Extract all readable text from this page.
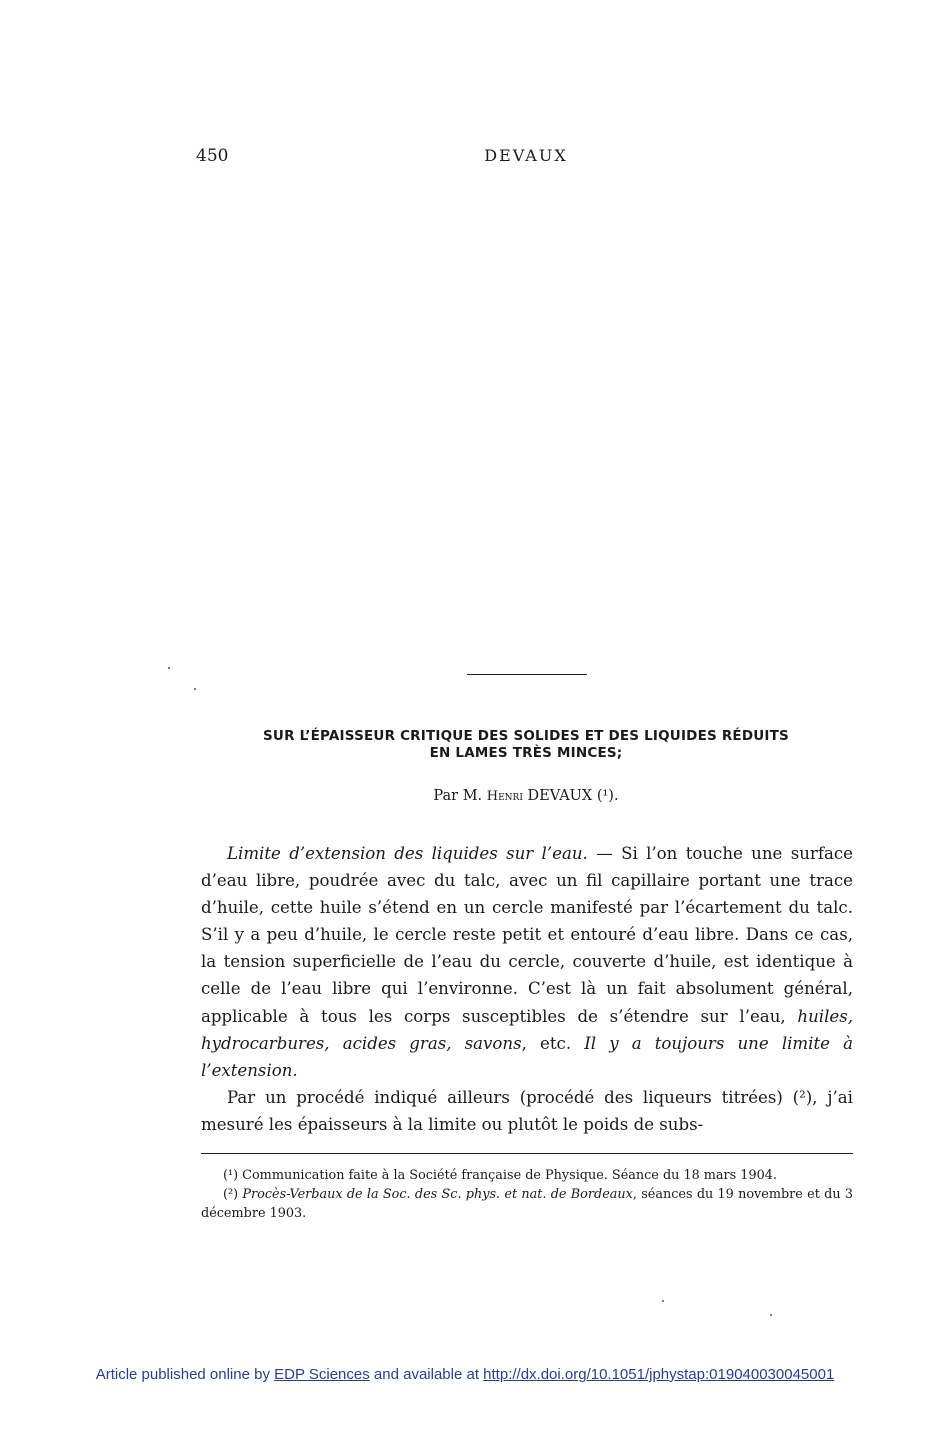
450	DEVAUX
SUR L’ÉPAISSEUR CRITIQUE DES SOLIDES ET DES LIQUIDES RÉDUITS
EN LAMES TRÈS MINCES;
Par M. Henri DEVAUX (¹).

Limite d’extension des liquides sur l’eau. — Si l’on touche une surface d’eau libre, poudrée avec du talc, avec un fil capillaire portant une trace d’huile, cette huile s’étend en un cercle manifesté par l’écartement du talc. S’il y a peu d’huile, le cercle reste petit et entouré d’eau libre. Dans ce cas, la tension superficielle de l’eau du cercle, couverte d’huile, est identique à celle de l’eau libre qui l’environne. C’est là un fait absolument général, applicable à tous les corps susceptibles de s’étendre sur l’eau, huiles, hydrocarbures, acides gras, savons, etc. Il y a toujours une limite à l’extension.

Par un procédé indiqué ailleurs (procédé des liqueurs titrées) (²), j’ai mesuré les épaisseurs à la limite ou plutôt le poids de subs-

(¹) Communication faite à la Société française de Physique. Séance du 18 mars 1904.

(²) Procès-Verbaux de la Soc. des Sc. phys. et nat. de Bordeaux, séances du 19 novembre et du 3 décembre 1903.

Article published online by EDP Sciences and available at http://dx.doi.org/10.1051/jphystap:019040030045001
